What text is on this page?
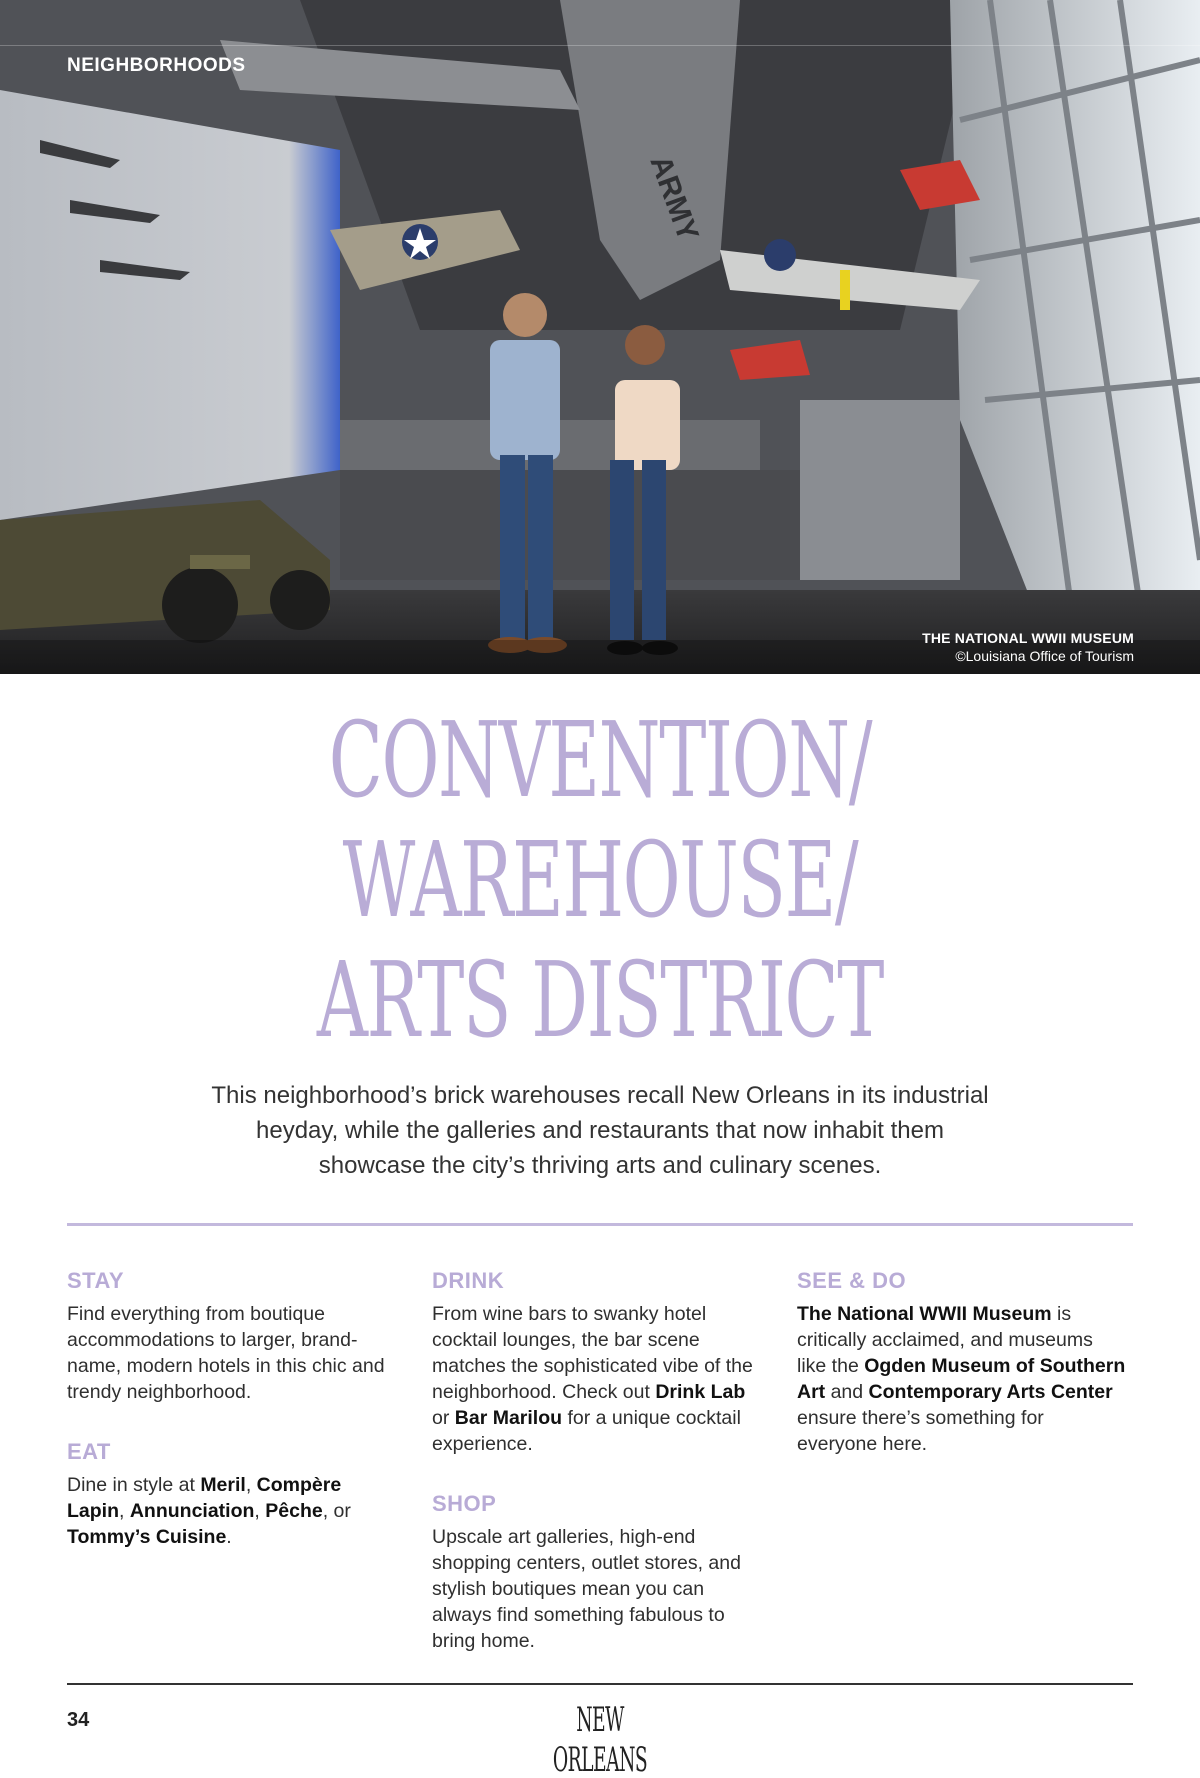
ARMY
NEIGHBORHOODS
THE NATIONAL WWII MUSEUM
©Louisiana Office of Tourism
CONVENTION/
WAREHOUSE/
ARTS DISTRICT

This neighborhood’s brick warehouses recall New Orleans in its industrial heyday, while the galleries and restaurants that now inhabit them showcase the city’s thriving arts and culinary scenes.

STAY

Find everything from boutique accommodations to larger, brand-name, modern hotels in this chic and trendy neighborhood.

EAT

Dine in style at Meril, Compère Lapin, Annunciation, Pêche, or Tommy’s Cuisine.

DRINK

From wine bars to swanky hotel cocktail lounges, the bar scene matches the sophisticated vibe of the neighborhood. Check out Drink Lab or Bar Marilou for a unique cocktail experience.

SHOP

Upscale art galleries, high-end shopping centers, outlet stores, and stylish boutiques mean you can always find something fabulous to bring home.

SEE & DO

The National WWII Museum is critically acclaimed, and museums like the Ogden Museum of Southern Art and Contemporary Arts Center ensure there’s something for everyone here.

34	NEW ORLEANS
